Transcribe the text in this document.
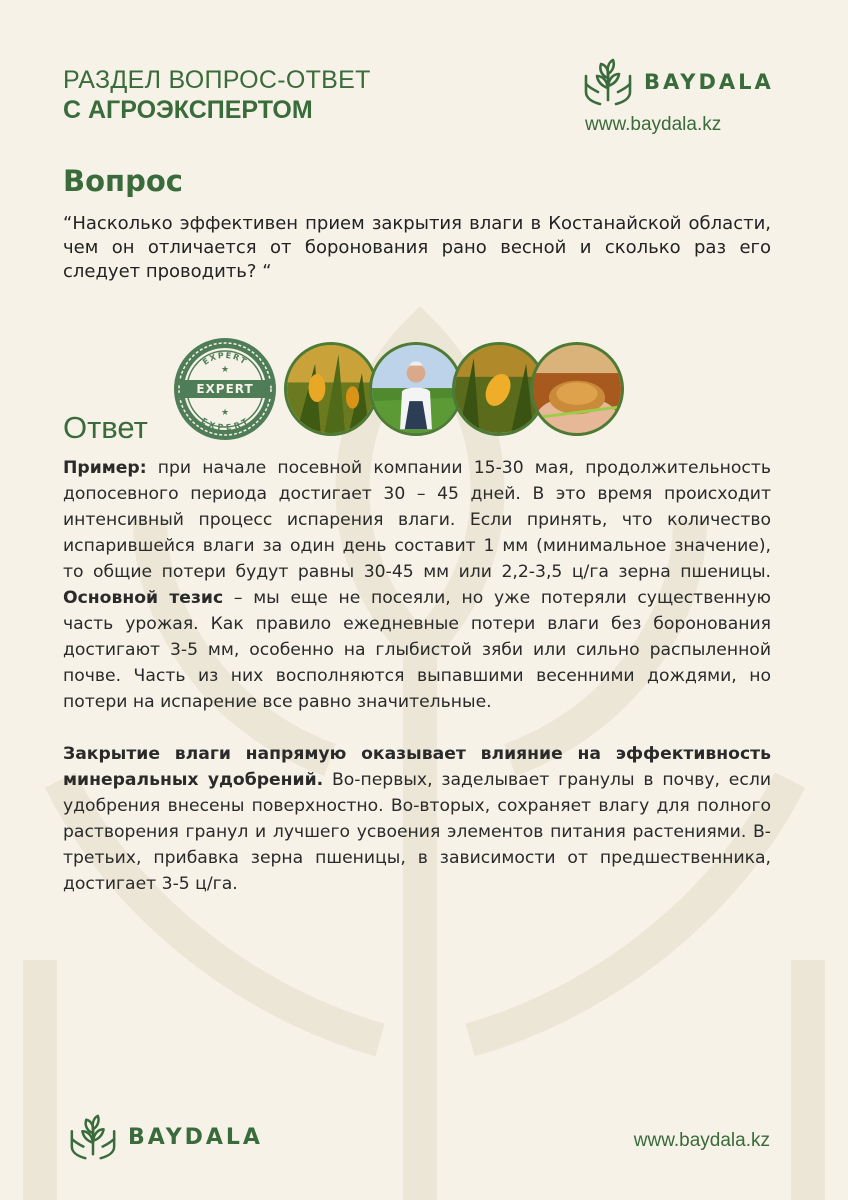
РАЗДЕЛ ВОПРОС-ОТВЕТ
С АГРОЭКСПЕРТОМ
BAYDALA
www.baydala.kz
Вопрос
“Насколько эффективен прием закрытия влаги в Костанайской области, чем он отличается от боронования рано весной и сколько раз его следует проводить? “
Ответ
EXPERT
EXPERT
★
★
EXPERT

Пример: при начале посевной компании 15-30 мая, продолжительность допосевного периода достигает 30 – 45 дней. В это время происходит интенсивный процесс испарения влаги. Если принять, что количество испарившейся влаги за один день составит 1 мм (минимальное значение), то общие потери будут равны 30-45 мм или 2,2-3,5 ц/га зерна пшеницы. Основной тезис – мы еще не посеяли, но уже потеряли существенную часть урожая. Как правило ежедневные потери влаги без боронования достигают 3-5 мм, особенно на глыбистой зяби или сильно распыленной почве. Часть из них восполняются выпавшими весенними дождями, но потери на испарение все равно значительные.

Закрытие влаги напрямую оказывает влияние на эффективность минеральных удобрений. Во-первых, заделывает гранулы в почву, если удобрения внесены поверхностно. Во-вторых, сохраняет влагу для полного растворения гранул и лучшего усвоения элементов питания растениями. В-третьих, прибавка зерна пшеницы, в зависимости от предшественника, достигает 3-5 ц/га.

BAYDALA	www.baydala.kz
